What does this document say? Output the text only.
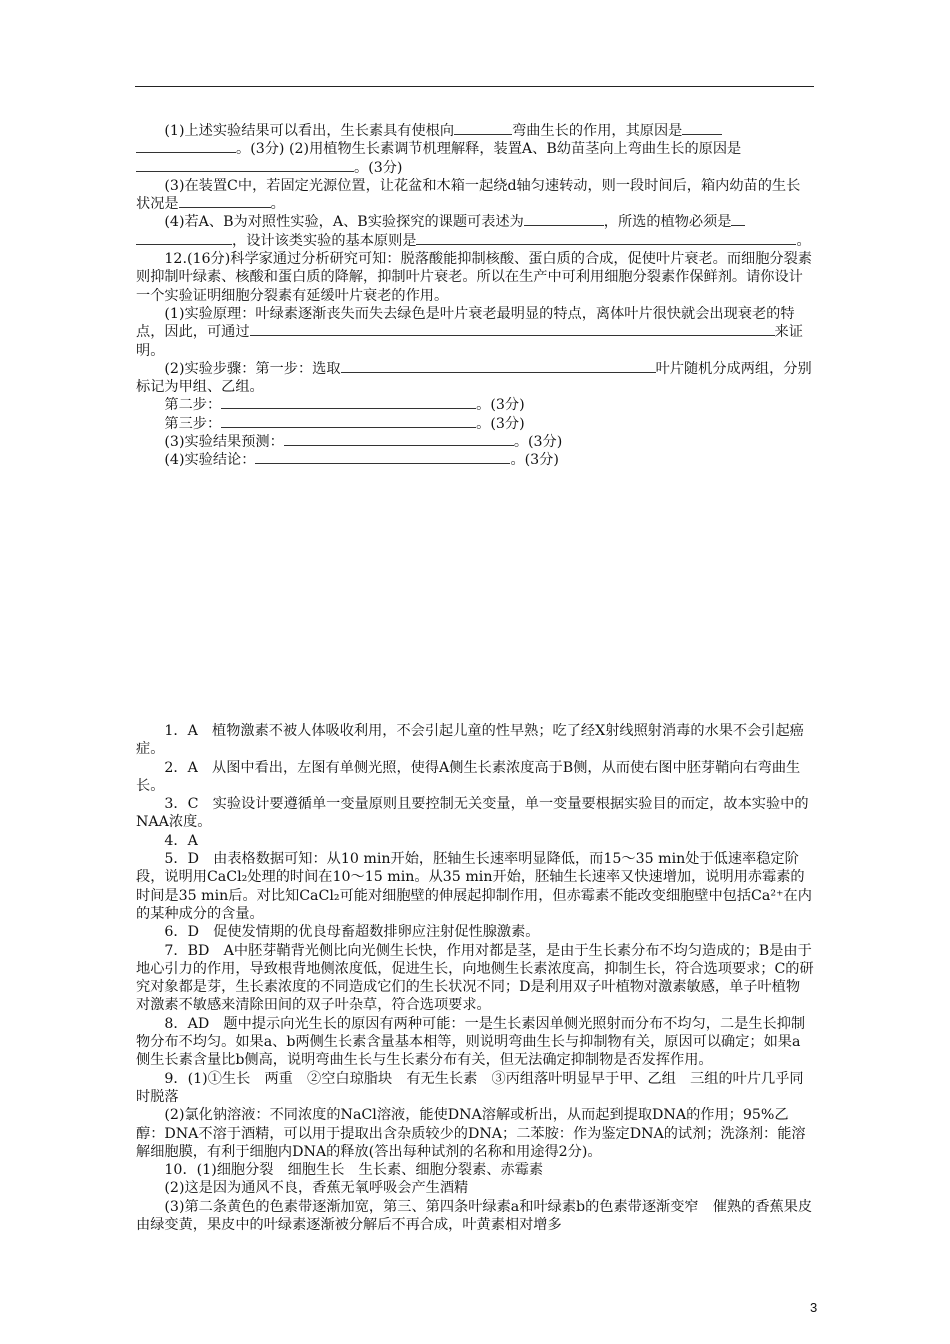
(1)上述实验结果可以看出，生长素具有使根向	弯曲生长的作用，其原因是。(3分) (2)用植物生长素调节机理解释，装置A、B幼苗茎向上弯曲生长的原因是。(3分)

(3)在装置C中，若固定光源位置，让花盆和木箱一起绕d轴匀速转动，则一段时间后，箱内幼苗的生长状况是	。

(4)若A、B为对照性实验，A、B实验探究的课题可表述为	，所选的植物必须是，设计该类实验的基本原则是	。

12.(16分)科学家通过分析研究可知：脱落酸能抑制核酸、蛋白质的合成，促使叶片衰老。而细胞分裂素则抑制叶绿素、核酸和蛋白质的降解，抑制叶片衰老。所以在生产中可利用细胞分裂素作保鲜剂。请你设计一个实验证明细胞分裂素有延缓叶片衰老的作用。

(1)实验原理：叶绿素逐渐丧失而失去绿色是叶片衰老最明显的特点，离体叶片很快就会出现衰老的特点，因此，可通过	来证明。

(2)实验步骤：第一步：选取	叶片随机分成两组，分别标记为甲组、乙组。

第二步：	。(3分)

第三步：	。(3分)

(3)实验结果预测：	。(3分)

(4)实验结论：	。(3分)

1．A　植物激素不被人体吸收利用，不会引起儿童的性早熟；吃了经X射线照射消毒的水果不会引起癌症。

2．A　从图中看出，左图有单侧光照，使得A侧生长素浓度高于B侧，从而使右图中胚芽鞘向右弯曲生长。

3．C　实验设计要遵循单一变量原则且要控制无关变量，单一变量要根据实验目的而定，故本实验中的NAA浓度。

4．A

5．D　由表格数据可知：从10 min开始，胚轴生长速率明显降低，而15～35 min处于低速率稳定阶段，说明用CaCl₂处理的时间在10～15 min。从35 min开始，胚轴生长速率又快速增加，说明用赤霉素的时间是35 min后。对比知CaCl₂可能对细胞壁的伸展起抑制作用，但赤霉素不能改变细胞壁中包括Ca²⁺在内的某种成分的含量。

6．D　促使发情期的优良母畜超数排卵应注射促性腺激素。

7．BD　A中胚芽鞘背光侧比向光侧生长快，作用对都是茎，是由于生长素分布不均匀造成的；B是由于地心引力的作用，导致根背地侧浓度低，促进生长，向地侧生长素浓度高，抑制生长，符合选项要求；C的研究对象都是芽，生长素浓度的不同造成它们的生长状况不同；D是利用双子叶植物对激素敏感，单子叶植物对激素不敏感来清除田间的双子叶杂草，符合选项要求。

8．AD　题中提示向光生长的原因有两种可能：一是生长素因单侧光照射而分布不均匀，二是生长抑制物分布不均匀。如果a、b两侧生长素含量基本相等，则说明弯曲生长与抑制物有关，原因可以确定；如果a侧生长素含量比b侧高，说明弯曲生长与生长素分布有关，但无法确定抑制物是否发挥作用。

9．(1)①生长　两重　②空白琼脂块　有无生长素　③丙组落叶明显早于甲、乙组　三组的叶片几乎同时脱落

(2)氯化钠溶液：不同浓度的NaCl溶液，能使DNA溶解或析出，从而起到提取DNA的作用；95%乙醇：DNA不溶于酒精，可以用于提取出含杂质较少的DNA；二苯胺：作为鉴定DNA的试剂；洗涤剂：能溶解细胞膜，有利于细胞内DNA的释放(答出每种试剂的名称和用途得2分)。

10．(1)细胞分裂　细胞生长　生长素、细胞分裂素、赤霉素

(2)这是因为通风不良，香蕉无氧呼吸会产生酒精

(3)第二条黄色的色素带逐渐加宽，第三、第四条叶绿素a和叶绿素b的色素带逐渐变窄　催熟的香蕉果皮由绿变黄，果皮中的叶绿素逐渐被分解后不再合成，叶黄素相对增多

3
